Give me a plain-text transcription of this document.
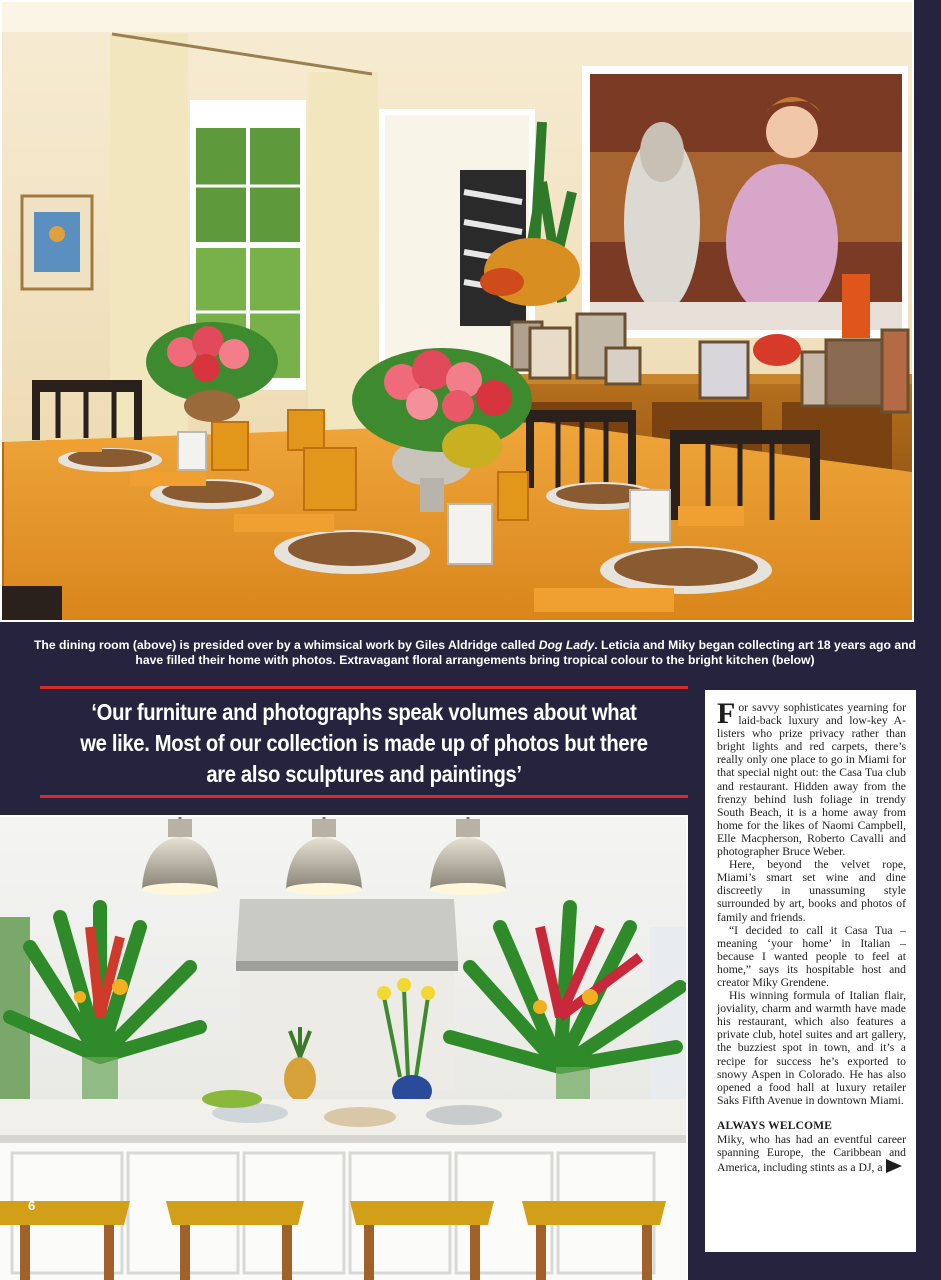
The dining room (above) is presided over by a whimsical work by Giles Aldridge called Dog Lady. Leticia and Miky began collecting art 18 years ago and have filled their home with photos. Extravagant floral arrangements bring tropical colour to the bright kitchen (below)
‘Our furniture and photographs speak volumes about what we like. Most of our collection is made up of photos but there are also sculptures and paintings’
6

For savvy sophisticates yearning for laid-back luxury and low-key A-listers who prize privacy rather than bright lights and red carpets, there’s really only one place to go in Miami for that special night out: the Casa Tua club and restaurant. Hidden away from the frenzy behind lush foliage in trendy South Beach, it is a home away from home for the likes of Naomi Campbell, Elle Macpherson, Roberto Cavalli and photographer Bruce Weber.

Here, beyond the velvet rope, Miami’s smart set wine and dine discreetly in unassuming style surrounded by art, books and photos of family and friends.

“I decided to call it Casa Tua – meaning ‘your home’ in Italian – because I wanted people to feel at home,” says its hospitable host and creator Miky Grendene.

His winning formula of Italian flair, joviality, charm and warmth have made his restaurant, which also features a private club, hotel suites and art gallery, the buzziest spot in town, and it’s a recipe for success he’s exported to snowy Aspen in Colorado. He has also opened a food hall at luxury retailer Saks Fifth Avenue in downtown Miami.

ALWAYS WELCOME

Miky, who has had an eventful career spanning Europe, the Caribbean and America, including stints as a DJ, a
